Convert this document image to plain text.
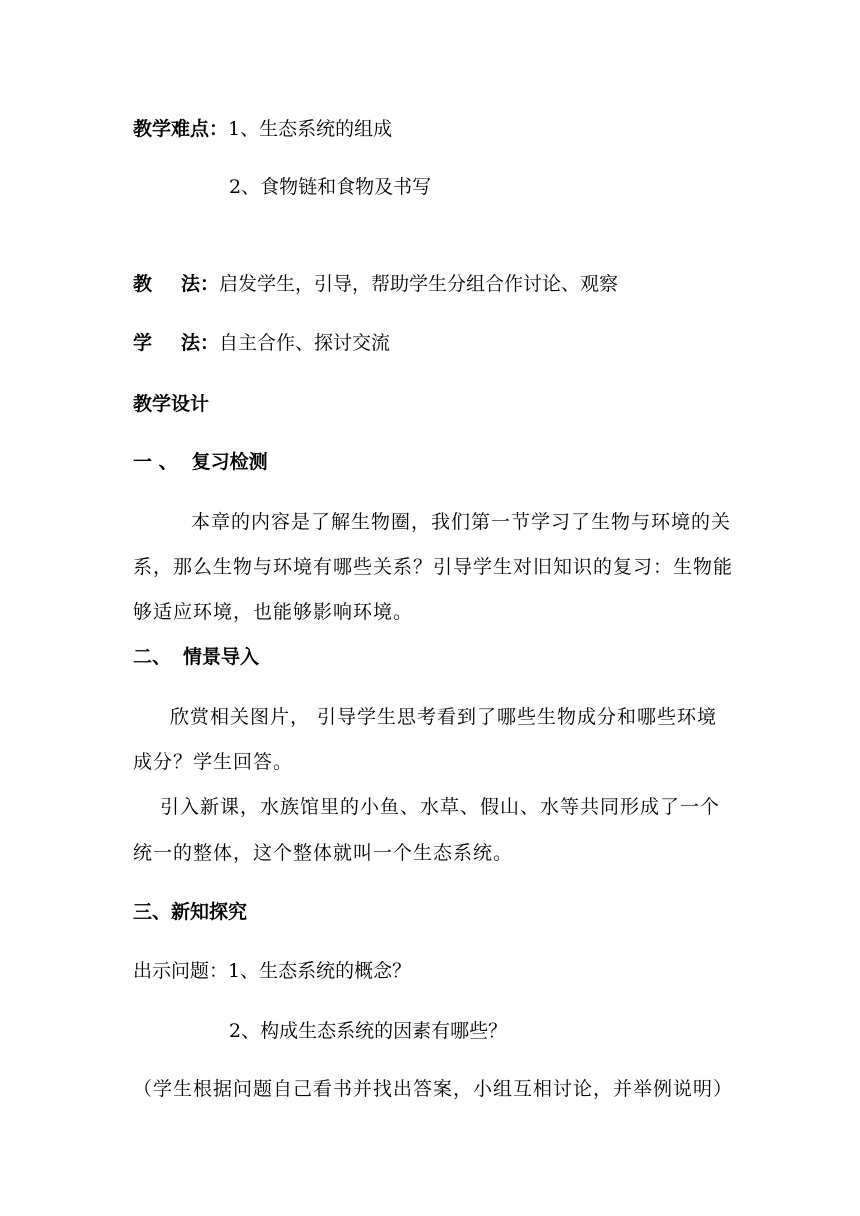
教学难点：1、生态系统的组成
2、食物链和食物及书写
教 法：启发学生，引导，帮助学生分组合作讨论、观察
学 法：自主合作、探讨交流
教学设计
一 、 复习检测
本章的内容是了解生物圈，我们第一节学习了生物与环境的关
系，那么生物与环境有哪些关系？引导学生对旧知识的复习：生物能
够适应环境，也能够影响环境。
二、 情景导入
欣赏相关图片， 引导学生思考看到了哪些生物成分和哪些环境
成分？学生回答。
引入新课，水族馆里的小鱼、水草、假山、水等共同形成了一个
统一的整体，这个整体就叫一个生态系统。
三、新知探究
出示问题：1、生态系统的概念？
2、构成生态系统的因素有哪些？
（学生根据问题自己看书并找出答案，小组互相讨论，并举例说明）
